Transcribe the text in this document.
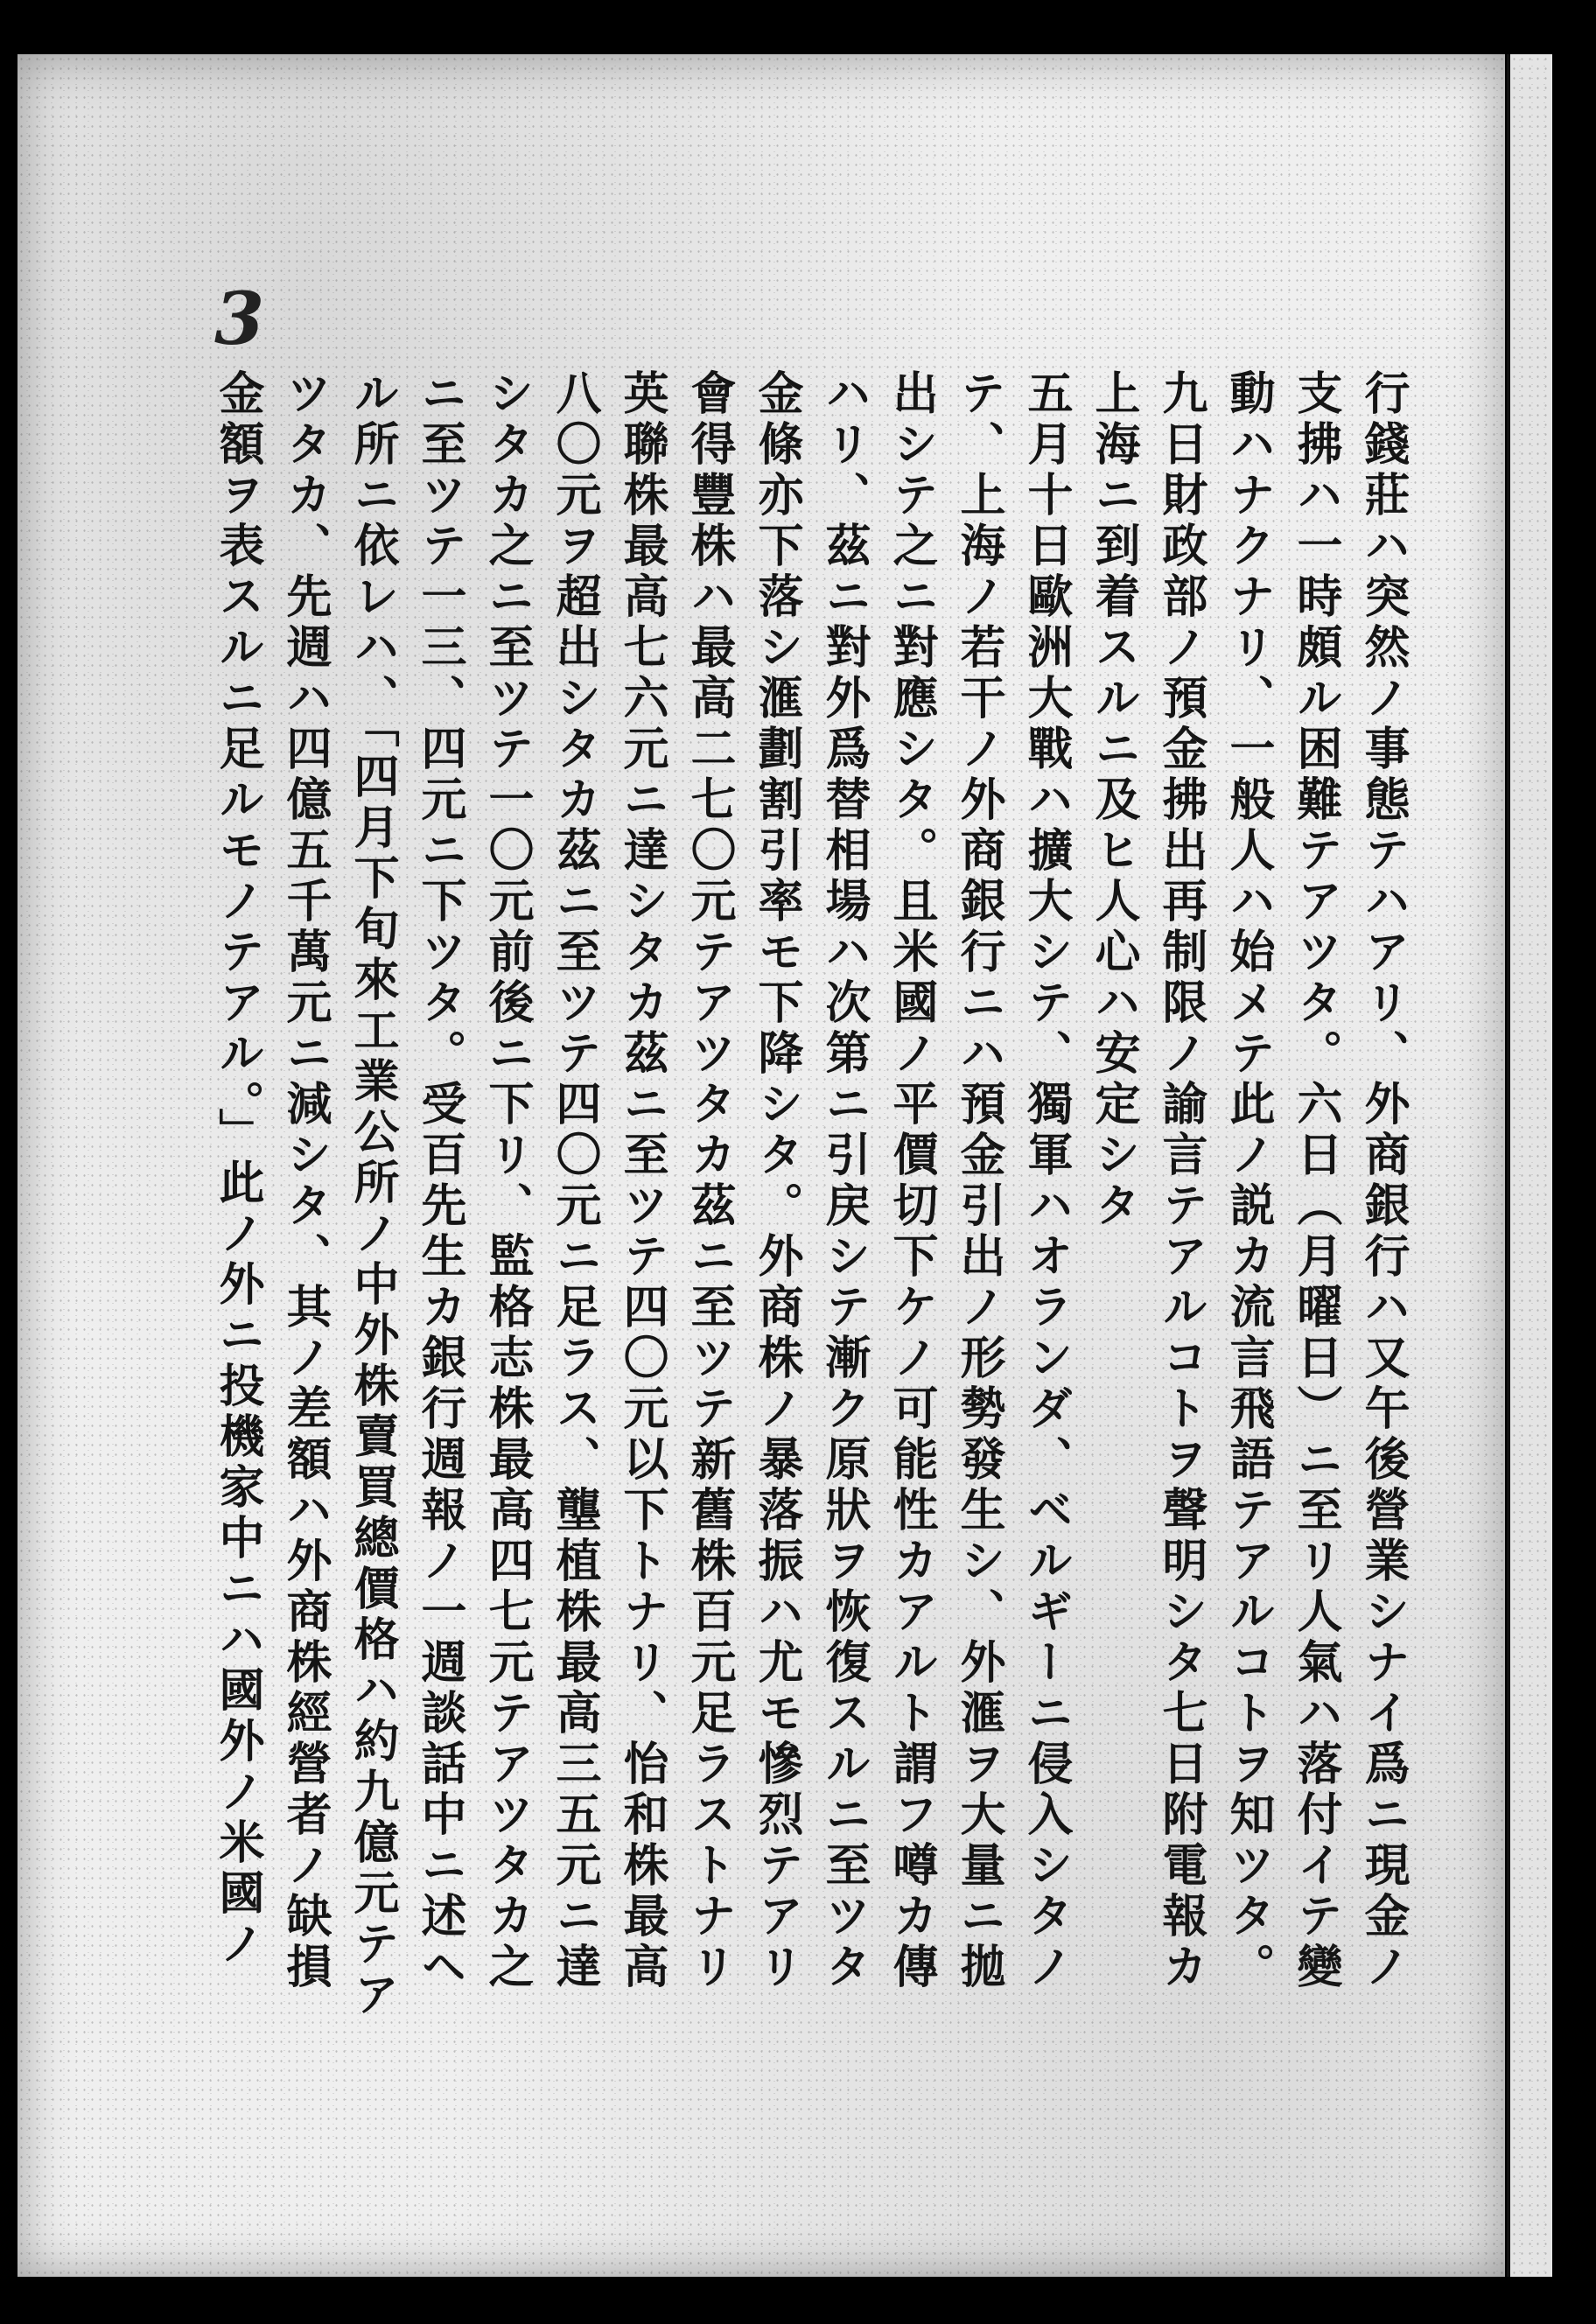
3
行錢莊ハ突然ノ事態テハアリ、外商銀行ハ又午後營業シナイ爲ニ現金ノ
支拂ハ一時頗ル困難テアツタ。六日（月曜日）ニ至リ人氣ハ落付イテ變
動ハナクナリ、一般人ハ始メテ此ノ説カ流言飛語テアルコトヲ知ツタ。
九日財政部ノ預金拂出再制限ノ諭言テアルコトヲ聲明シタ七日附電報カ
上海ニ到着スルニ及ヒ人心ハ安定シタ
五月十日歐洲大戰ハ擴大シテ、獨軍ハオランダ、ベルギーニ侵入シタノ
テ、上海ノ若干ノ外商銀行ニハ預金引出ノ形勢發生シ、外滙ヲ大量ニ拋
出シテ之ニ對應シタ。且米國ノ平價切下ケノ可能性カアルト謂フ噂カ傳
ハリ、茲ニ對外爲替相場ハ次第ニ引戻シテ漸ク原狀ヲ恢復スルニ至ツタ
金條亦下落シ滙劃割引率モ下降シタ。外商株ノ暴落振ハ尤モ慘烈テアリ
會得豐株ハ最高二七〇元テアツタカ茲ニ至ツテ新舊株百元足ラストナリ
英聯株最高七六元ニ達シタカ茲ニ至ツテ四〇元以下トナリ、怡和株最高
八〇元ヲ超出シタカ茲ニ至ツテ四〇元ニ足ラス、壟植株最高三五元ニ達
シタカ之ニ至ツテ一〇元前後ニ下リ、監格志株最高四七元テアツタカ之
ニ至ツテ一三、四元ニ下ツタ。受百先生カ銀行週報ノ一週談話中ニ述ヘ
ル所ニ依レハ、「四月下旬來工業公所ノ中外株賣買總價格ハ約九億元テア
ツタカ、先週ハ四億五千萬元ニ減シタ、其ノ差額ハ外商株經營者ノ缺損
金額ヲ表スルニ足ルモノテアル。」此ノ外ニ投機家中ニハ國外ノ米國ノ
